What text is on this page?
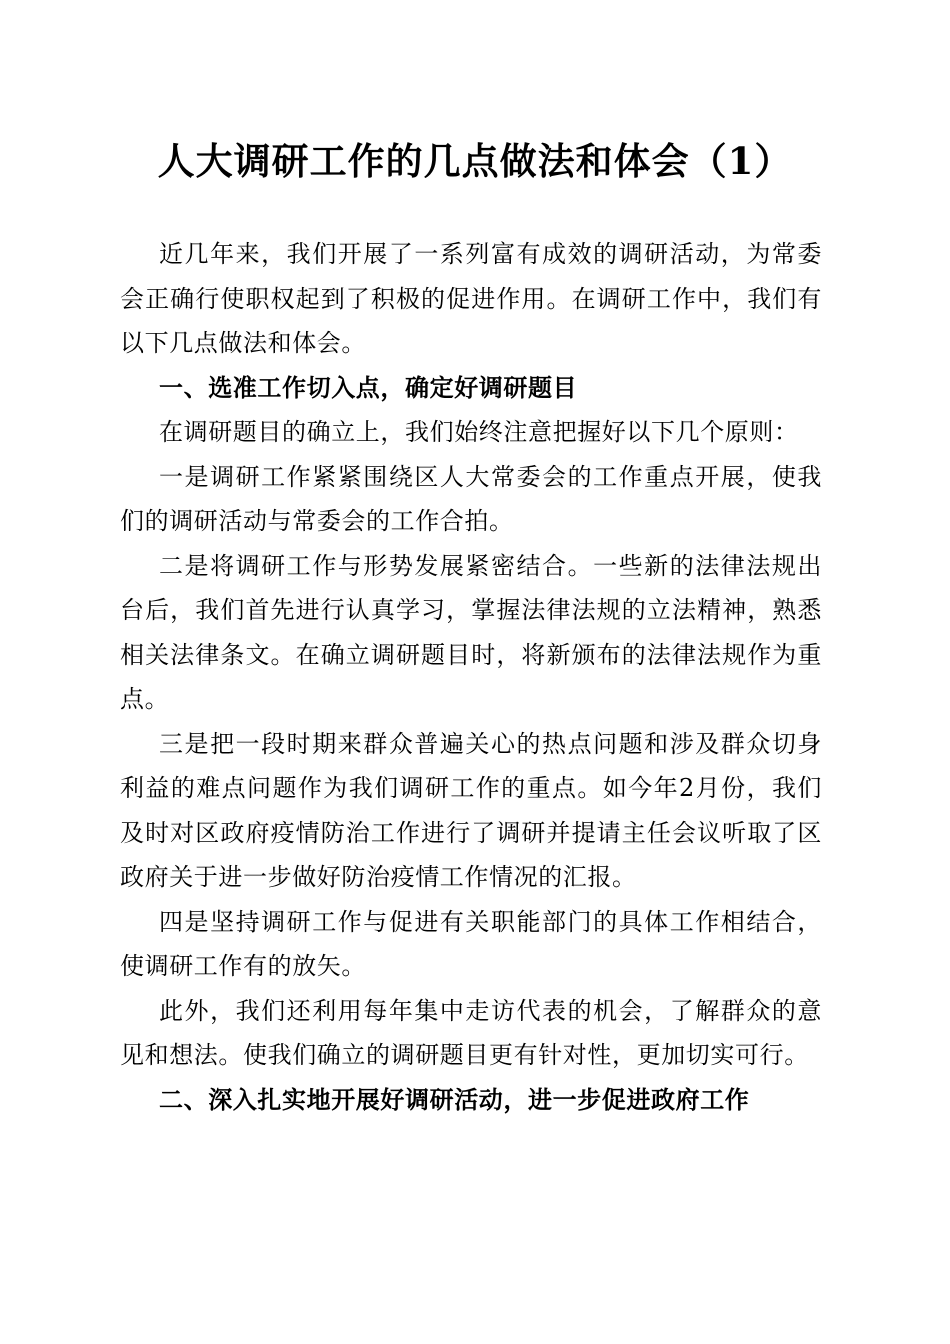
人大调研工作的几点做法和体会（1）

近几年来，我们开展了一系列富有成效的调研活动，为常委会正确行使职权起到了积极的促进作用。在调研工作中，我们有以下几点做法和体会。

一、选准工作切入点，确定好调研题目

在调研题目的确立上，我们始终注意把握好以下几个原则：

一是调研工作紧紧围绕区人大常委会的工作重点开展，使我们的调研活动与常委会的工作合拍。

二是将调研工作与形势发展紧密结合。一些新的法律法规出台后，我们首先进行认真学习，掌握法律法规的立法精神，熟悉相关法律条文。在确立调研题目时，将新颁布的法律法规作为重点。

三是把一段时期来群众普遍关心的热点问题和涉及群众切身利益的难点问题作为我们调研工作的重点。如今年2月份，我们及时对区政府疫情防治工作进行了调研并提请主任会议听取了区政府关于进一步做好防治疫情工作情况的汇报。

四是坚持调研工作与促进有关职能部门的具体工作相结合，使调研工作有的放矢。

此外，我们还利用每年集中走访代表的机会，了解群众的意见和想法。使我们确立的调研题目更有针对性，更加切实可行。

二、深入扎实地开展好调研活动，进一步促进政府工作
